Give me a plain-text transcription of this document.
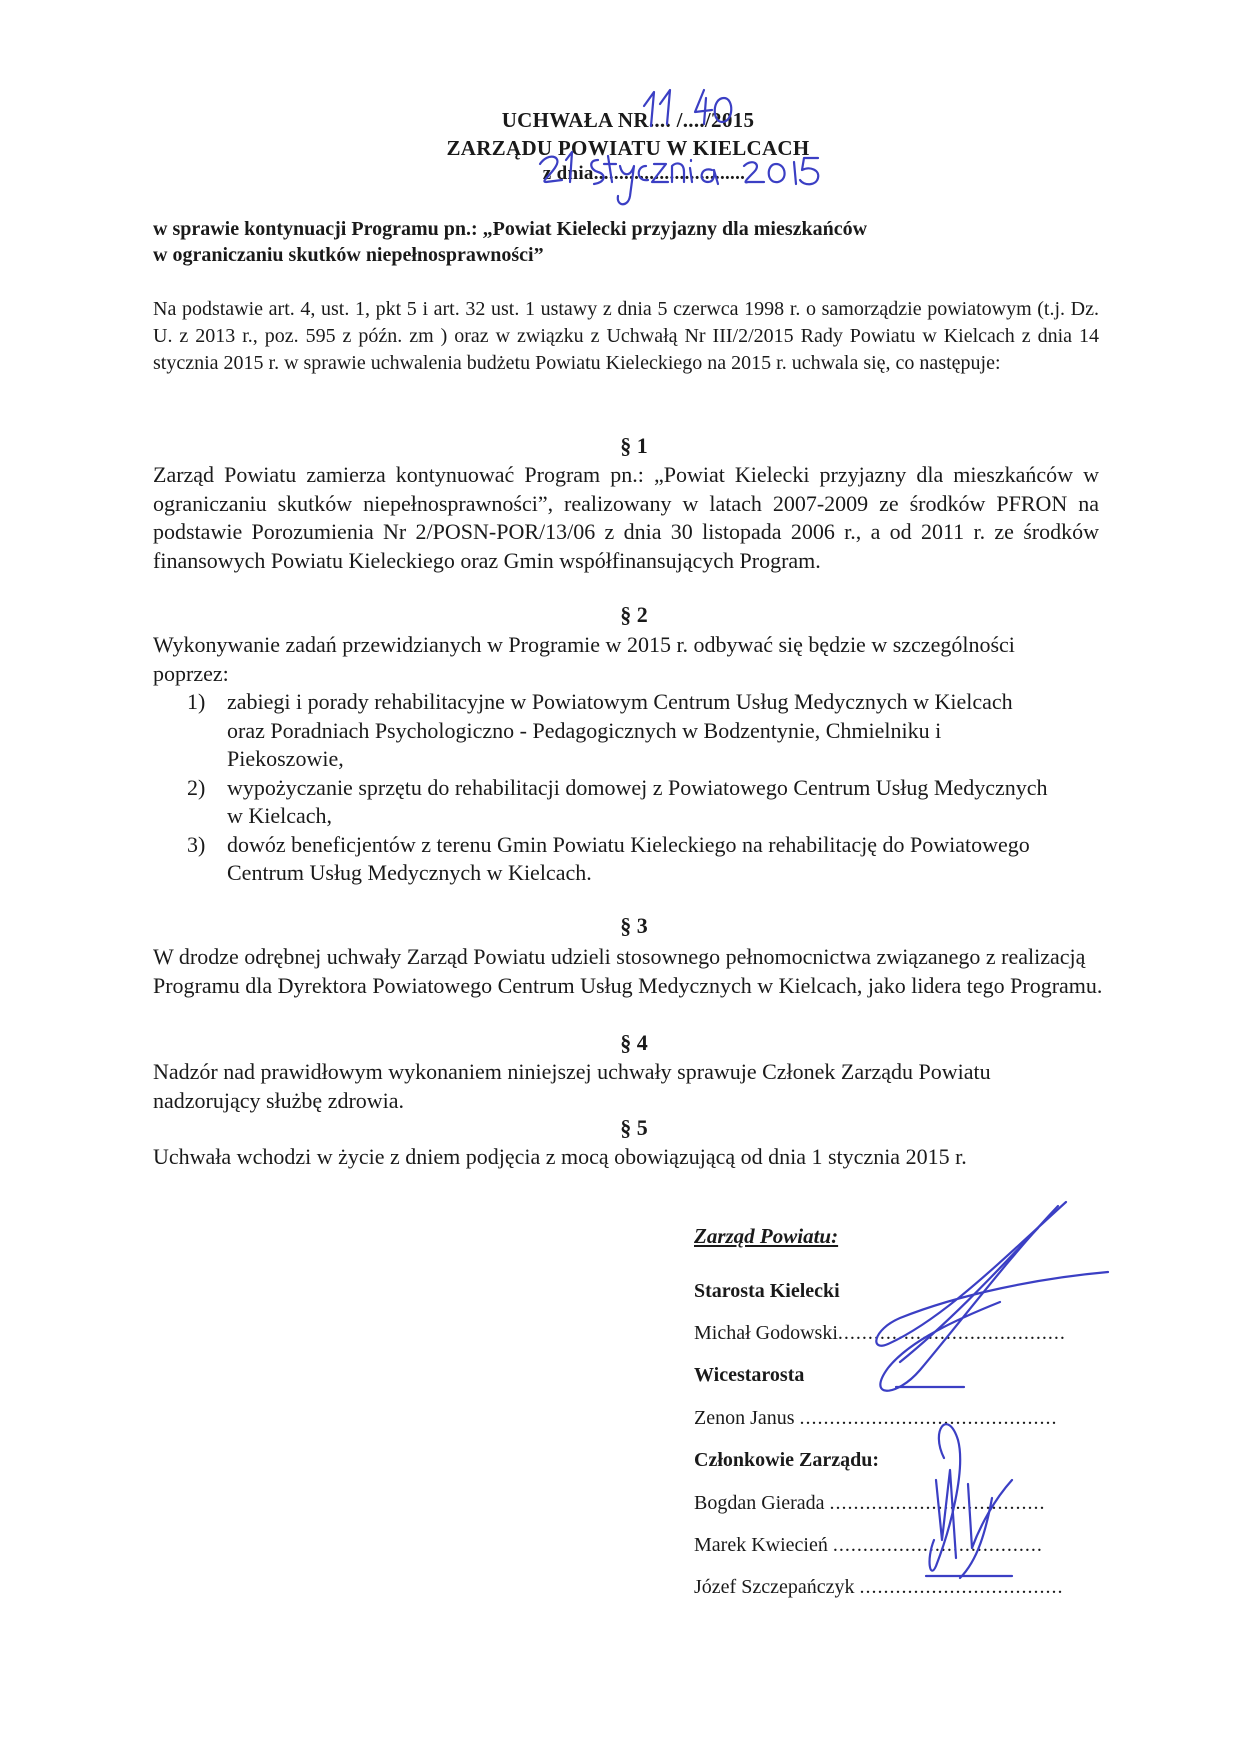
UCHWAŁA NR.... /..../2015
ZARZĄDU POWIATU W KIELCACH
z dnia..............................
w sprawie kontynuacji Programu pn.: „Powiat Kielecki przyjazny dla mieszkańców
w ograniczaniu skutków niepełnosprawności”
Na podstawie art. 4, ust. 1, pkt 5 i art. 32 ust. 1 ustawy z dnia 5 czerwca 1998 r. o samorządzie powiatowym (t.j. Dz. U. z 2013 r., poz. 595 z późn. zm ) oraz w związku z Uchwałą Nr III/2/2015 Rady Powiatu w Kielcach z dnia 14 stycznia 2015 r. w sprawie uchwalenia budżetu Powiatu Kieleckiego na 2015 r. uchwala się, co następuje:
§ 1
Zarząd Powiatu zamierza kontynuować Program pn.: „Powiat Kielecki przyjazny dla mieszkańców w ograniczaniu skutków niepełnosprawności”, realizowany w latach 2007-2009 ze środków PFRON na podstawie Porozumienia Nr 2/POSN-POR/13/06 z dnia 30 listopada 2006 r., a od 2011 r. ze środków finansowych Powiatu Kieleckiego oraz Gmin współfinansujących Program.
§ 2
Wykonywanie zadań przewidzianych w Programie w 2015 r. odbywać się będzie w szczególności poprzez:
1) zabiegi i porady rehabilitacyjne w Powiatowym Centrum Usług Medycznych w Kielcach oraz Poradniach Psychologiczno - Pedagogicznych w Bodzentynie, Chmielniku i Piekoszowie,
2) wypożyczanie sprzętu do rehabilitacji domowej z Powiatowego Centrum Usług Medycznych w Kielcach,
3) dowóz beneficjentów z terenu Gmin Powiatu Kieleckiego na rehabilitację do Powiatowego Centrum Usług Medycznych w Kielcach.
§ 3
W drodze odrębnej uchwały Zarząd Powiatu udzieli stosownego pełnomocnictwa związanego z realizacją Programu dla Dyrektora Powiatowego Centrum Usług Medycznych w Kielcach, jako lidera tego Programu.
§ 4
Nadzór nad prawidłowym wykonaniem niniejszej uchwały sprawuje Członek Zarządu Powiatu nadzorujący służbę zdrowia.
§ 5
Uchwała wchodzi w życie z dniem podjęcia z mocą obowiązującą od dnia 1 stycznia 2015 r.
Zarząd Powiatu:
Starosta Kielecki
Michał Godowski......................................
Wicestarosta
Zenon Janus ...........................................
Członkowie Zarządu:
Bogdan Gierada ....................................
Marek Kwiecień ...................................
Józef Szczepańczyk ..................................
